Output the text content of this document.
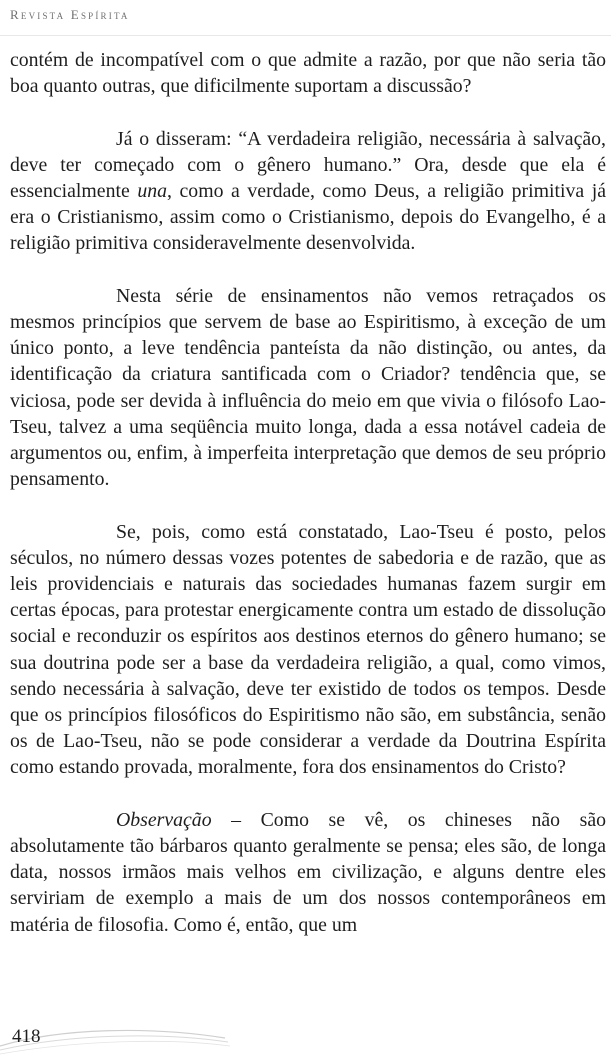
Revista Espírita

contém de incompatível com o que admite a razão, por que não seria tão boa quanto outras, que dificilmente suportam a discussão?

Já o disseram: “A verdadeira religião, necessária à salvação, deve ter começado com o gênero humano.” Ora, desde que ela é essencialmente una, como a verdade, como Deus, a religião primitiva já era o Cristianismo, assim como o Cristianismo, depois do Evangelho, é a religião primitiva consideravelmente desenvolvida.

Nesta série de ensinamentos não vemos retraçados os mesmos princípios que servem de base ao Espiritismo, à exceção de um único ponto, a leve tendência panteísta da não distinção, ou antes, da identificação da criatura santificada com o Criador? tendência que, se viciosa, pode ser devida à influência do meio em que vivia o filósofo Lao-Tseu, talvez a uma seqüência muito longa, dada a essa notável cadeia de argumentos ou, enfim, à imperfeita interpretação que demos de seu próprio pensamento.

Se, pois, como está constatado, Lao-Tseu é posto, pelos séculos, no número dessas vozes potentes de sabedoria e de razão, que as leis providenciais e naturais das sociedades humanas fazem surgir em certas épocas, para protestar energicamente contra um estado de dissolução social e reconduzir os espíritos aos destinos eternos do gênero humano; se sua doutrina pode ser a base da verdadeira religião, a qual, como vimos, sendo necessária à salvação, deve ter existido de todos os tempos. Desde que os princípios filosóficos do Espiritismo não são, em substância, senão os de Lao-Tseu, não se pode considerar a verdade da Doutrina Espírita como estando provada, moralmente, fora dos ensinamentos do Cristo?

Observação – Como se vê, os chineses não são absolutamente tão bárbaros quanto geralmente se pensa; eles são, de longa data, nossos irmãos mais velhos em civilização, e alguns dentre eles serviriam de exemplo a mais de um dos nossos contemporâneos em matéria de filosofia. Como é, então, que um

418
